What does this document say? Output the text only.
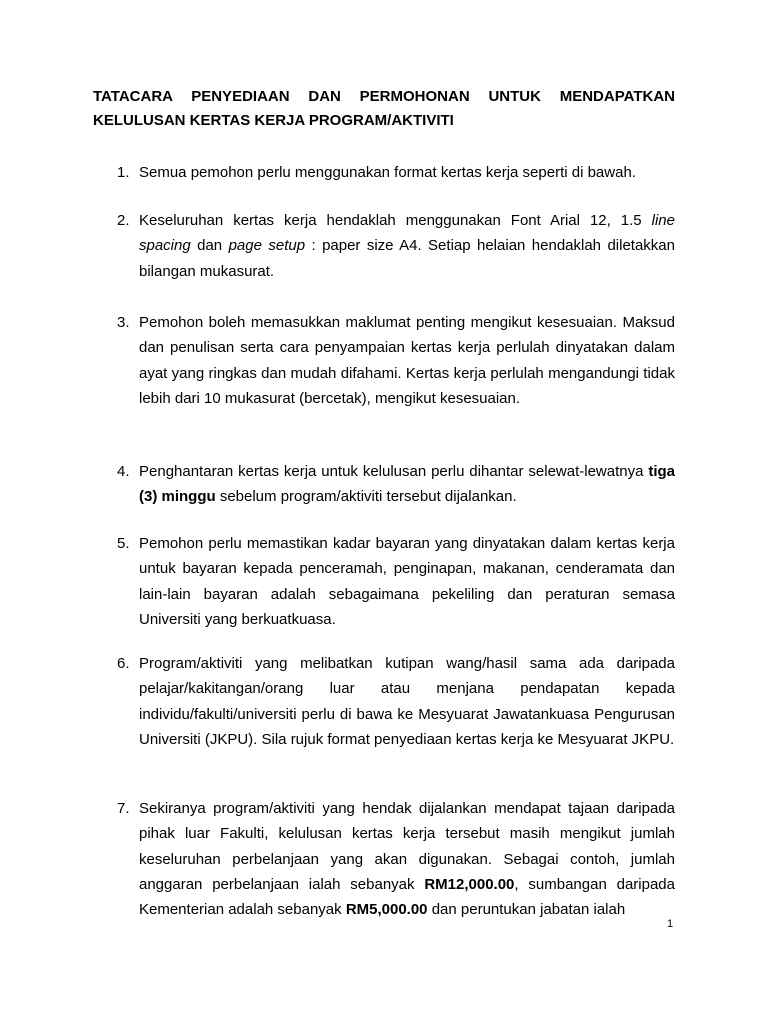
TATACARA PENYEDIAAN DAN PERMOHONAN UNTUK MENDAPATKAN
KELULUSAN KERTAS KERJA PROGRAM/AKTIVITI
1. Semua pemohon perlu menggunakan format kertas kerja seperti di bawah.
2. Keseluruhan kertas kerja hendaklah menggunakan Font Arial 12, 1.5 line spacing dan page setup : paper size A4. Setiap helaian hendaklah diletakkan bilangan mukasurat.
3. Pemohon boleh memasukkan maklumat penting mengikut kesesuaian. Maksud dan penulisan serta cara penyampaian kertas kerja perlulah dinyatakan dalam ayat yang ringkas dan mudah difahami. Kertas kerja perlulah mengandungi tidak lebih dari 10 mukasurat (bercetak), mengikut kesesuaian.
4. Penghantaran kertas kerja untuk kelulusan perlu dihantar selewat-lewatnya tiga (3) minggu sebelum program/aktiviti tersebut dijalankan.
5. Pemohon perlu memastikan kadar bayaran yang dinyatakan dalam kertas kerja untuk bayaran kepada penceramah, penginapan, makanan, cenderamata dan lain-lain bayaran adalah sebagaimana pekeliling dan peraturan semasa Universiti yang berkuatkuasa.
6. Program/aktiviti yang melibatkan kutipan wang/hasil sama ada daripada pelajar/kakitangan/orang luar atau menjana pendapatan kepada individu/fakulti/universiti perlu di bawa ke Mesyuarat Jawatankuasa Pengurusan Universiti (JKPU). Sila rujuk format penyediaan kertas kerja ke Mesyuarat JKPU.
7. Sekiranya program/aktiviti yang hendak dijalankan mendapat tajaan daripada pihak luar Fakulti, kelulusan kertas kerja tersebut masih mengikut jumlah keseluruhan perbelanjaan yang akan digunakan. Sebagai contoh, jumlah anggaran perbelanjaan ialah sebanyak RM12,000.00, sumbangan daripada Kementerian adalah sebanyak RM5,000.00 dan peruntukan jabatan ialah
1
